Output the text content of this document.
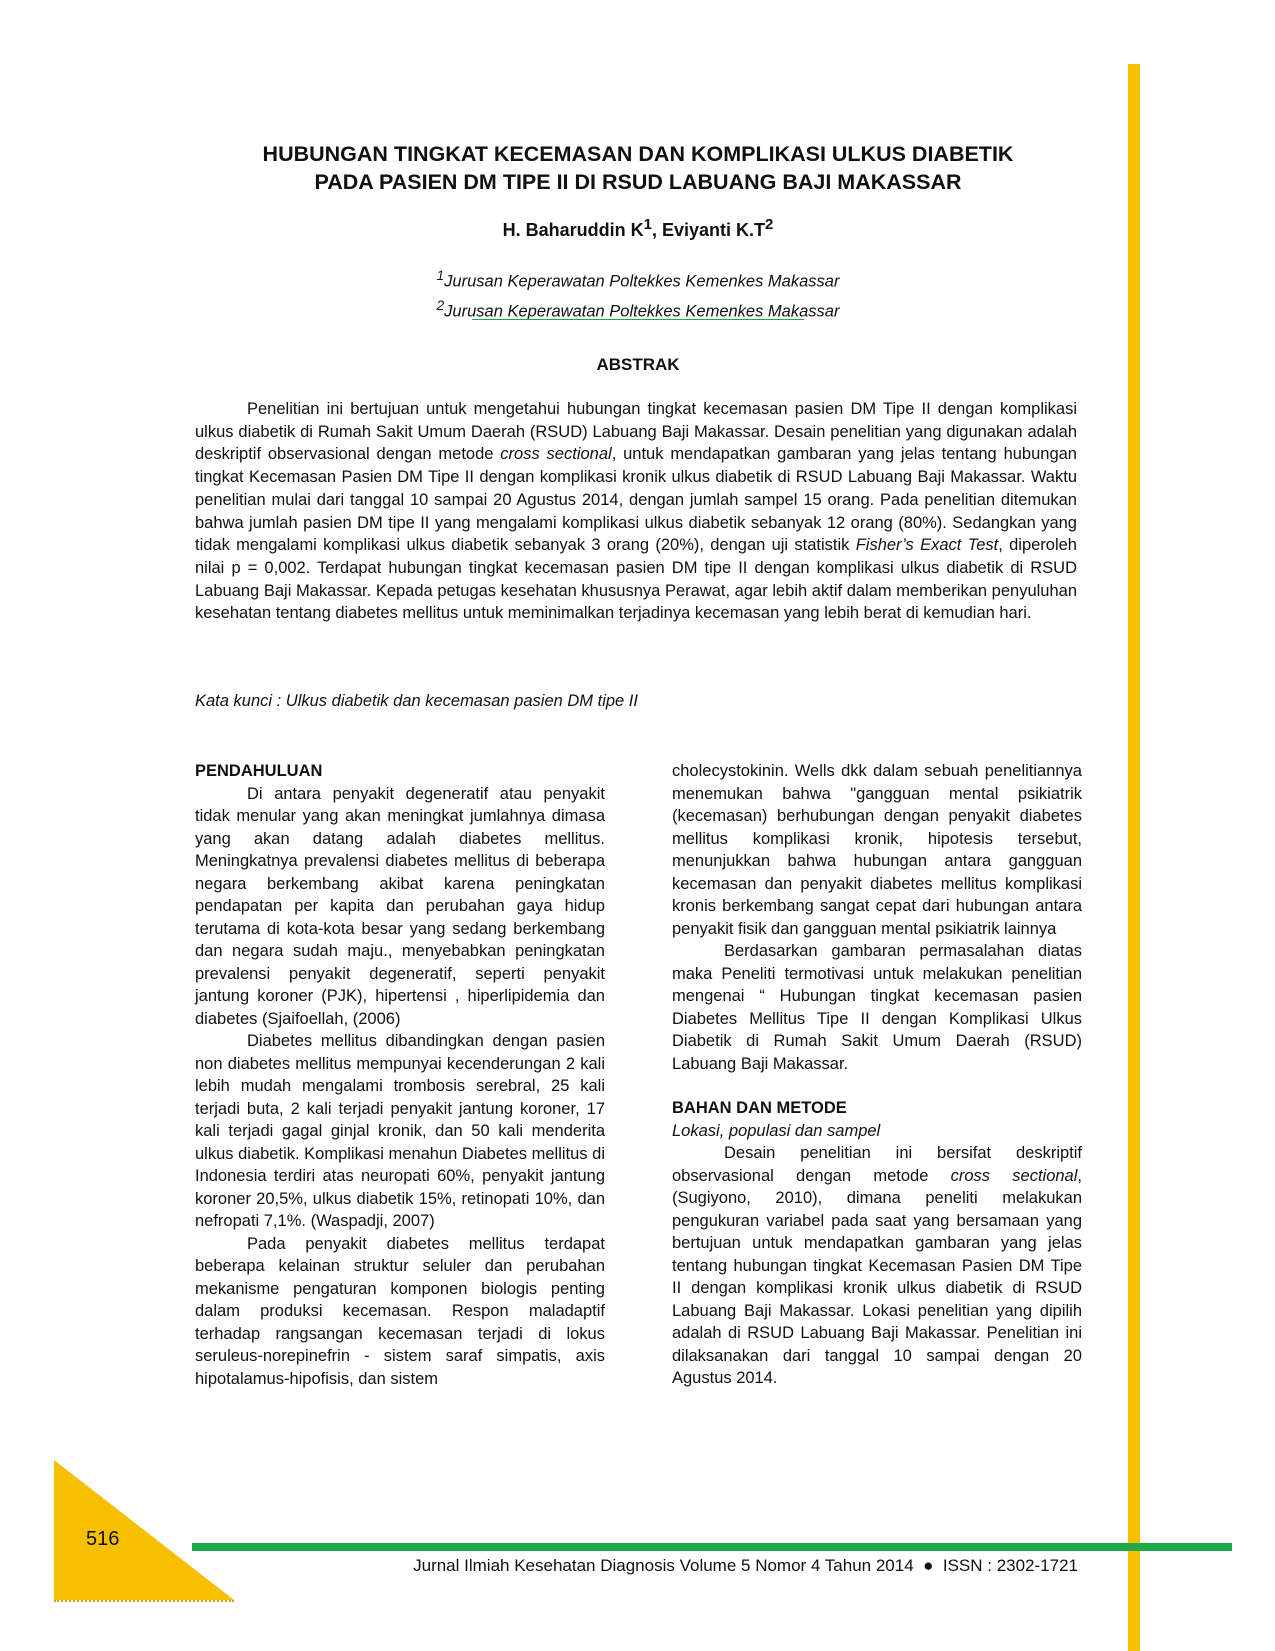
HUBUNGAN TINGKAT KECEMASAN DAN KOMPLIKASI ULKUS DIABETIK
PADA PASIEN DM TIPE II DI RSUD LABUANG BAJI MAKASSAR
H. Baharuddin $K^1$, Eviyanti $K.T^2$
$^1$Jurusan Keperawatan Poltekkes Kemenkes Makassar
$^2$Jurusan Keperawatan Poltekkes Kemenkes Makassar
ABSTRAK

Penelitian ini bertujuan untuk mengetahui hubungan tingkat kecemasan pasien DM Tipe II dengan komplikasi ulkus diabetik di Rumah Sakit Umum Daerah (RSUD) Labuang Baji Makassar. Desain penelitian yang digunakan adalah deskriptif observasional dengan metode cross sectional, untuk mendapatkan gambaran yang jelas tentang hubungan tingkat Kecemasan Pasien DM Tipe II dengan komplikasi kronik ulkus diabetik di RSUD Labuang Baji Makassar. Waktu penelitian mulai dari tanggal 10 sampai 20 Agustus 2014, dengan jumlah sampel 15 orang. Pada penelitian ditemukan bahwa jumlah pasien DM tipe II yang mengalami komplikasi ulkus diabetik sebanyak 12 orang (80%). Sedangkan yang tidak mengalami komplikasi ulkus diabetik sebanyak 3 orang (20%), dengan uji statistik Fisher’s Exact Test, diperoleh nilai p = 0,002. Terdapat hubungan tingkat kecemasan pasien DM tipe II dengan komplikasi ulkus diabetik di RSUD Labuang Baji Makassar. Kepada petugas kesehatan khususnya Perawat, agar lebih aktif dalam memberikan penyuluhan kesehatan tentang diabetes mellitus untuk meminimalkan terjadinya kecemasan yang lebih berat di kemudian hari.

Kata kunci : Ulkus diabetik dan kecemasan pasien DM tipe II
PENDAHULUAN

Di antara penyakit degeneratif atau penyakit tidak menular yang akan meningkat jumlahnya dimasa yang akan datang adalah diabetes mellitus. Meningkatnya prevalensi diabetes mellitus di beberapa negara berkembang akibat karena peningkatan pendapatan per kapita dan perubahan gaya hidup terutama di kota-kota besar yang sedang berkembang dan negara sudah maju., menyebabkan peningkatan prevalensi penyakit degeneratif, seperti penyakit jantung koroner (PJK), hipertensi , hiperlipidemia dan diabetes (Sjaifoellah, (2006)

Diabetes mellitus dibandingkan dengan pasien non diabetes mellitus mempunyai kecenderungan 2 kali lebih mudah mengalami trombosis serebral, 25 kali terjadi buta, 2 kali terjadi penyakit jantung koroner, 17 kali terjadi gagal ginjal kronik, dan 50 kali menderita ulkus diabetik. Komplikasi menahun Diabetes mellitus di Indonesia terdiri atas neuropati 60%, penyakit jantung koroner 20,5%, ulkus diabetik 15%, retinopati 10%, dan nefropati 7,1%. (Waspadji, 2007)

Pada penyakit diabetes mellitus terdapat beberapa kelainan struktur seluler dan perubahan mekanisme pengaturan komponen biologis penting dalam produksi kecemasan. Respon maladaptif terhadap rangsangan kecemasan terjadi di lokus seruleus-norepinefrin - sistem saraf simpatis, axis hipotalamus-hipofisis, dan sistem

cholecystokinin. Wells dkk dalam sebuah penelitiannya menemukan bahwa "gangguan mental psikiatrik (kecemasan) berhubungan dengan penyakit diabetes mellitus komplikasi kronik, hipotesis tersebut, menunjukkan bahwa hubungan antara gangguan kecemasan dan penyakit diabetes mellitus komplikasi kronis berkembang sangat cepat dari hubungan antara penyakit fisik dan gangguan mental psikiatrik lainnya

Berdasarkan gambaran permasalahan diatas maka Peneliti termotivasi untuk melakukan penelitian mengenai “ Hubungan tingkat kecemasan pasien Diabetes Mellitus Tipe II dengan Komplikasi Ulkus Diabetik di Rumah Sakit Umum Daerah (RSUD) Labuang Baji Makassar.

BAHAN DAN METODE
Lokasi, populasi dan sampel

Desain penelitian ini bersifat deskriptif observasional dengan metode cross sectional, (Sugiyono, 2010), dimana peneliti melakukan pengukuran variabel pada saat yang bersamaan yang bertujuan untuk mendapatkan gambaran yang jelas tentang hubungan tingkat Kecemasan Pasien DM Tipe II dengan komplikasi kronik ulkus diabetik di RSUD Labuang Baji Makassar. Lokasi penelitian yang dipilih adalah di RSUD Labuang Baji Makassar. Penelitian ini dilaksanakan dari tanggal 10 sampai dengan 20 Agustus 2014.

516
Jurnal Ilmiah Kesehatan Diagnosis Volume 5 Nomor 4 Tahun 2014 ● ISSN : 2302-1721
